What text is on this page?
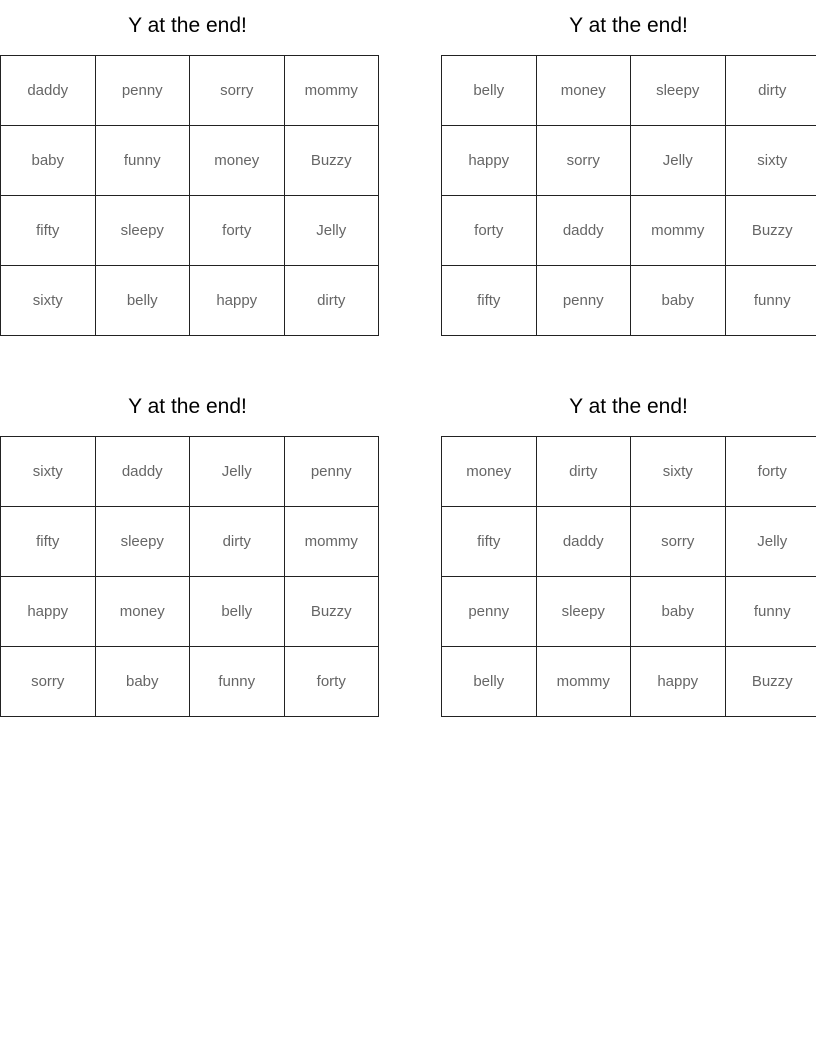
Y at the end!
daddy	penny	sorry	mommy
baby	funny	money	Buzzy
fifty	sleepy	forty	Jelly
sixty	belly	happy	dirty
Y at the end!
belly	money	sleepy	dirty
happy	sorry	Jelly	sixty
forty	daddy	mommy	Buzzy
fifty	penny	baby	funny
Y at the end!
sixty	daddy	Jelly	penny
fifty	sleepy	dirty	mommy
happy	money	belly	Buzzy
sorry	baby	funny	forty
Y at the end!
money	dirty	sixty	forty
fifty	daddy	sorry	Jelly
penny	sleepy	baby	funny
belly	mommy	happy	Buzzy
